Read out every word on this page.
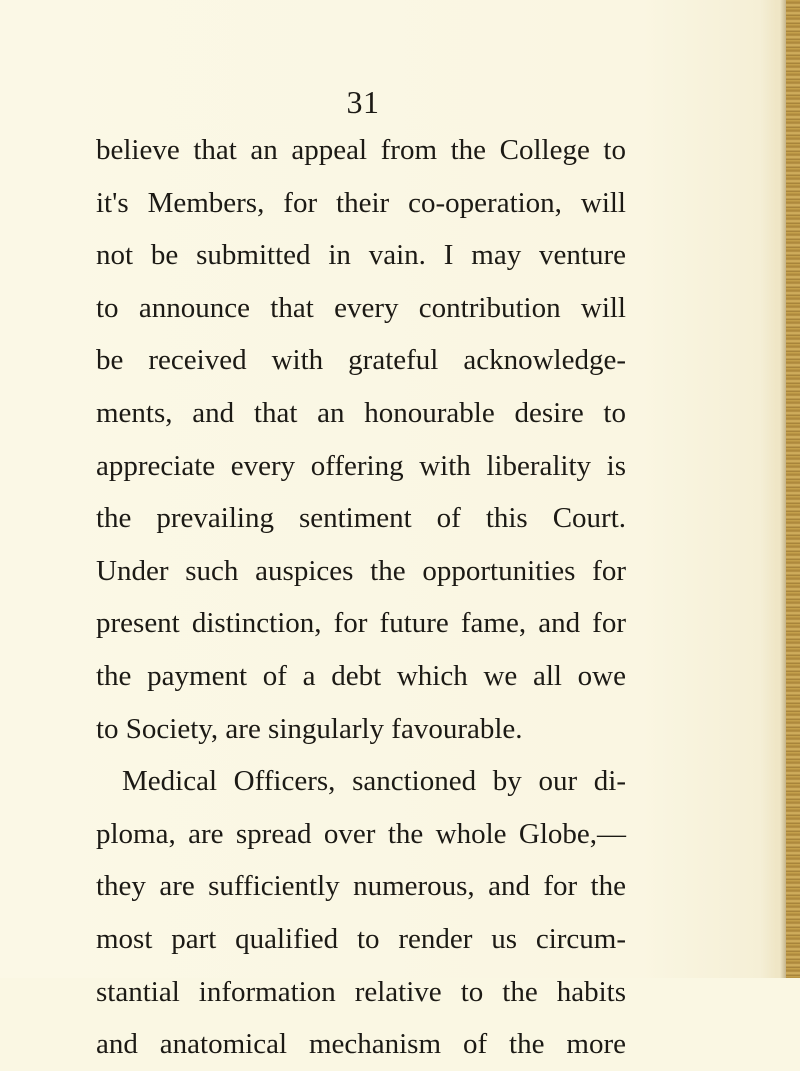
31
believe that an appeal from the College to
it's Members, for their co-operation, will
not be submitted in vain. I may venture
to announce that every contribution will
be received with grateful acknowledge-
ments, and that an honourable desire to
appreciate every offering with liberality is
the prevailing sentiment of this Court.
Under such auspices the opportunities for
present distinction, for future fame, and for
the payment of a debt which we all owe
to Society, are singularly favourable.
Medical Officers, sanctioned by our di-
ploma, are spread over the whole Globe,—
they are sufficiently numerous, and for the
most part qualified to render us circum-
stantial information relative to the habits
and anatomical mechanism of the more
